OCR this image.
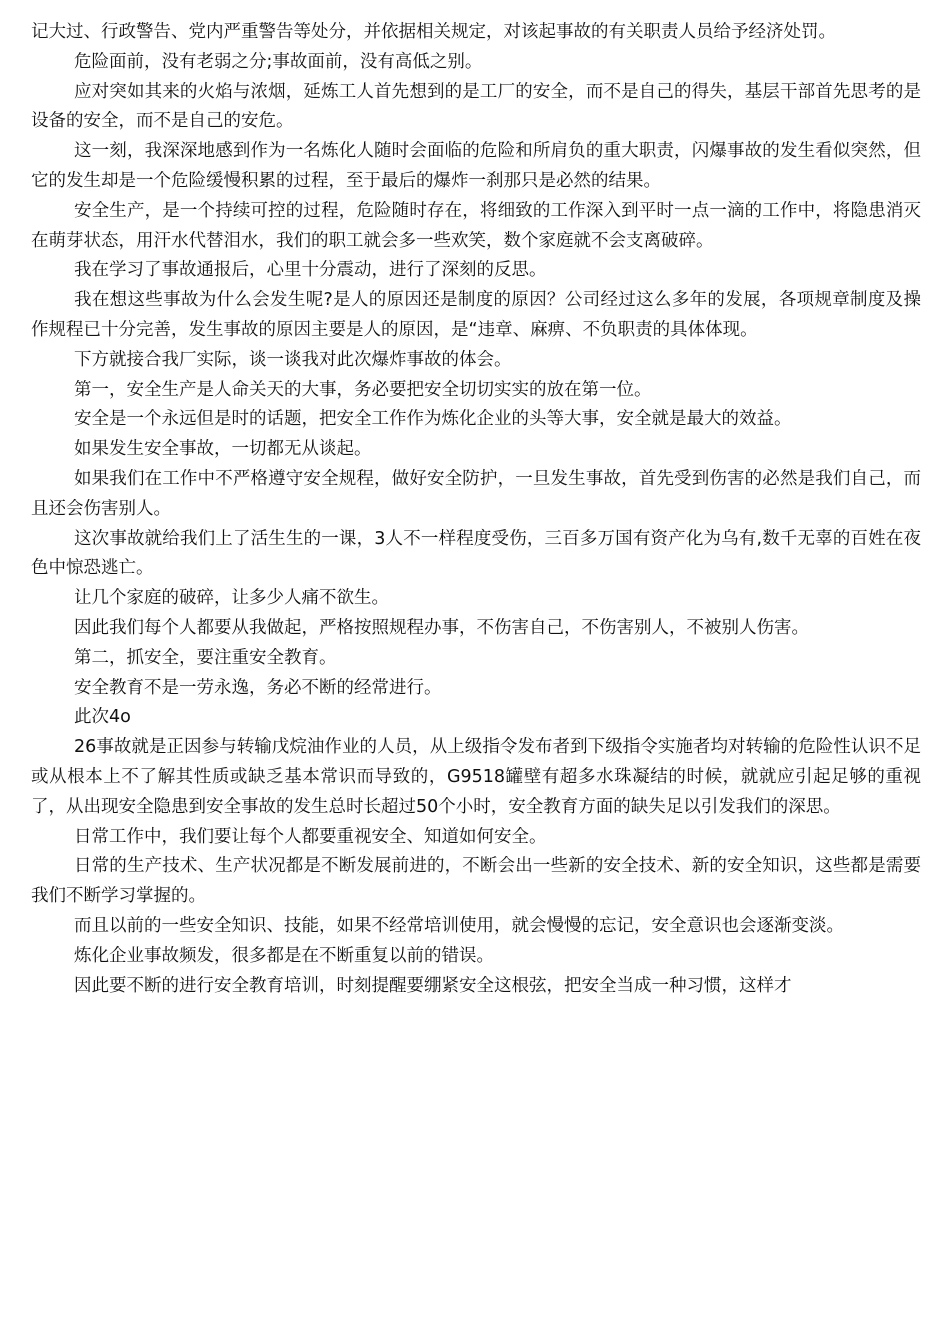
记大过、行政警告、党内严重警告等处分，并依据相关规定，对该起事故的有关职责人员给予经济处罚。

危险面前，没有老弱之分;事故面前，没有高低之别。

应对突如其来的火焰与浓烟，延炼工人首先想到的是工厂的安全，而不是自己的得失，基层干部首先思考的是设备的安全，而不是自己的安危。

这一刻，我深深地感到作为一名炼化人随时会面临的危险和所肩负的重大职责，闪爆事故的发生看似突然，但它的发生却是一个危险缓慢积累的过程，至于最后的爆炸一刹那只是必然的结果。

安全生产，是一个持续可控的过程，危险随时存在，将细致的工作深入到平时一点一滴的工作中，将隐患消灭在萌芽状态，用汗水代替泪水，我们的职工就会多一些欢笑，数个家庭就不会支离破碎。

我在学习了事故通报后，心里十分震动，进行了深刻的反思。

我在想这些事故为什么会发生呢?是人的原因还是制度的原因？公司经过这么多年的发展，各项规章制度及操作规程已十分完善，发生事故的原因主要是人的原因，是“违章、麻痹、不负职责的具体体现。

下方就接合我厂实际，谈一谈我对此次爆炸事故的体会。

第一，安全生产是人命关天的大事，务必要把安全切切实实的放在第一位。

安全是一个永远但是时的话题，把安全工作作为炼化企业的头等大事，安全就是最大的效益。

如果发生安全事故，一切都无从谈起。

如果我们在工作中不严格遵守安全规程，做好安全防护，一旦发生事故，首先受到伤害的必然是我们自己，而且还会伤害别人。

这次事故就给我们上了活生生的一课，3人不一样程度受伤，三百多万国有资产化为乌有,数千无辜的百姓在夜色中惊恐逃亡。

让几个家庭的破碎，让多少人痛不欲生。

因此我们每个人都要从我做起，严格按照规程办事，不伤害自己，不伤害别人，不被别人伤害。

第二，抓安全，要注重安全教育。

安全教育不是一劳永逸，务必不断的经常进行。

此次4o

26事故就是正因参与转输戊烷油作业的人员，从上级指令发布者到下级指令实施者均对转输的危险性认识不足或从根本上不了解其性质或缺乏基本常识而导致的，G9518罐壁有超多水珠凝结的时候，就就应引起足够的重视了，从出现安全隐患到安全事故的发生总时长超过50个小时，安全教育方面的缺失足以引发我们的深思。

日常工作中，我们要让每个人都要重视安全、知道如何安全。

日常的生产技术、生产状况都是不断发展前进的，不断会出一些新的安全技术、新的安全知识，这些都是需要我们不断学习掌握的。

而且以前的一些安全知识、技能，如果不经常培训使用，就会慢慢的忘记，安全意识也会逐渐变淡。

炼化企业事故频发，很多都是在不断重复以前的错误。

因此要不断的进行安全教育培训，时刻提醒要绷紧安全这根弦，把安全当成一种习惯，这样才
